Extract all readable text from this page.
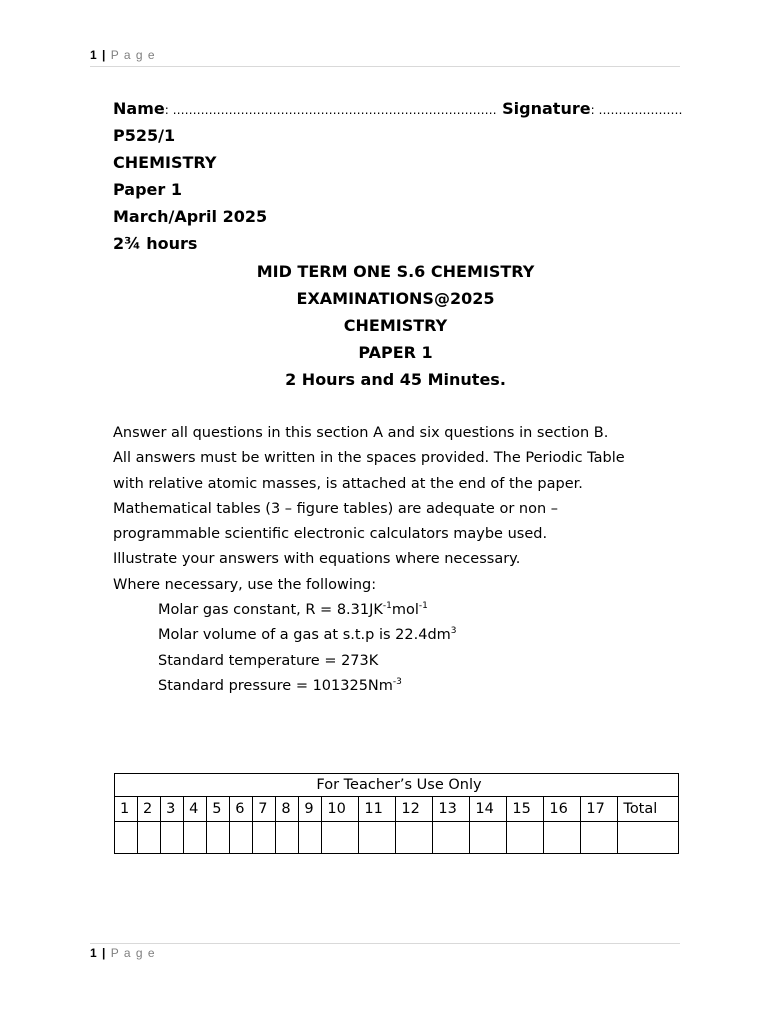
1 | P a g e
Name: ……………………………………………………………………… Signature: …………………
P525/1
CHEMISTRY
Paper 1
March/April 2025
2¾ hours
MID TERM ONE S.6 CHEMISTRY
EXAMINATIONS@2025
CHEMISTRY
PAPER 1
2 Hours and 45 Minutes.
Answer all questions in this section A and six questions in section B.
All answers must be written in the spaces provided. The Periodic Table
with relative atomic masses, is attached at the end of the paper.
Mathematical tables (3 – figure tables) are adequate or non –
programmable scientific electronic calculators maybe used.
Illustrate your answers with equations where necessary.
Where necessary, use the following:
Molar gas constant, $R = 8.31JK^{-1}mol^{-1}$
Molar volume of a gas at s.t.p is $22.4dm^3$
Standard temperature = 273K
Standard pressure = $101325Nm^{-3}$
For Teacher’s Use Only																	
1	2	3	4	5	6	7	8	9	10	11	12	13	14	15	16	17	Total

1 | P a g e
